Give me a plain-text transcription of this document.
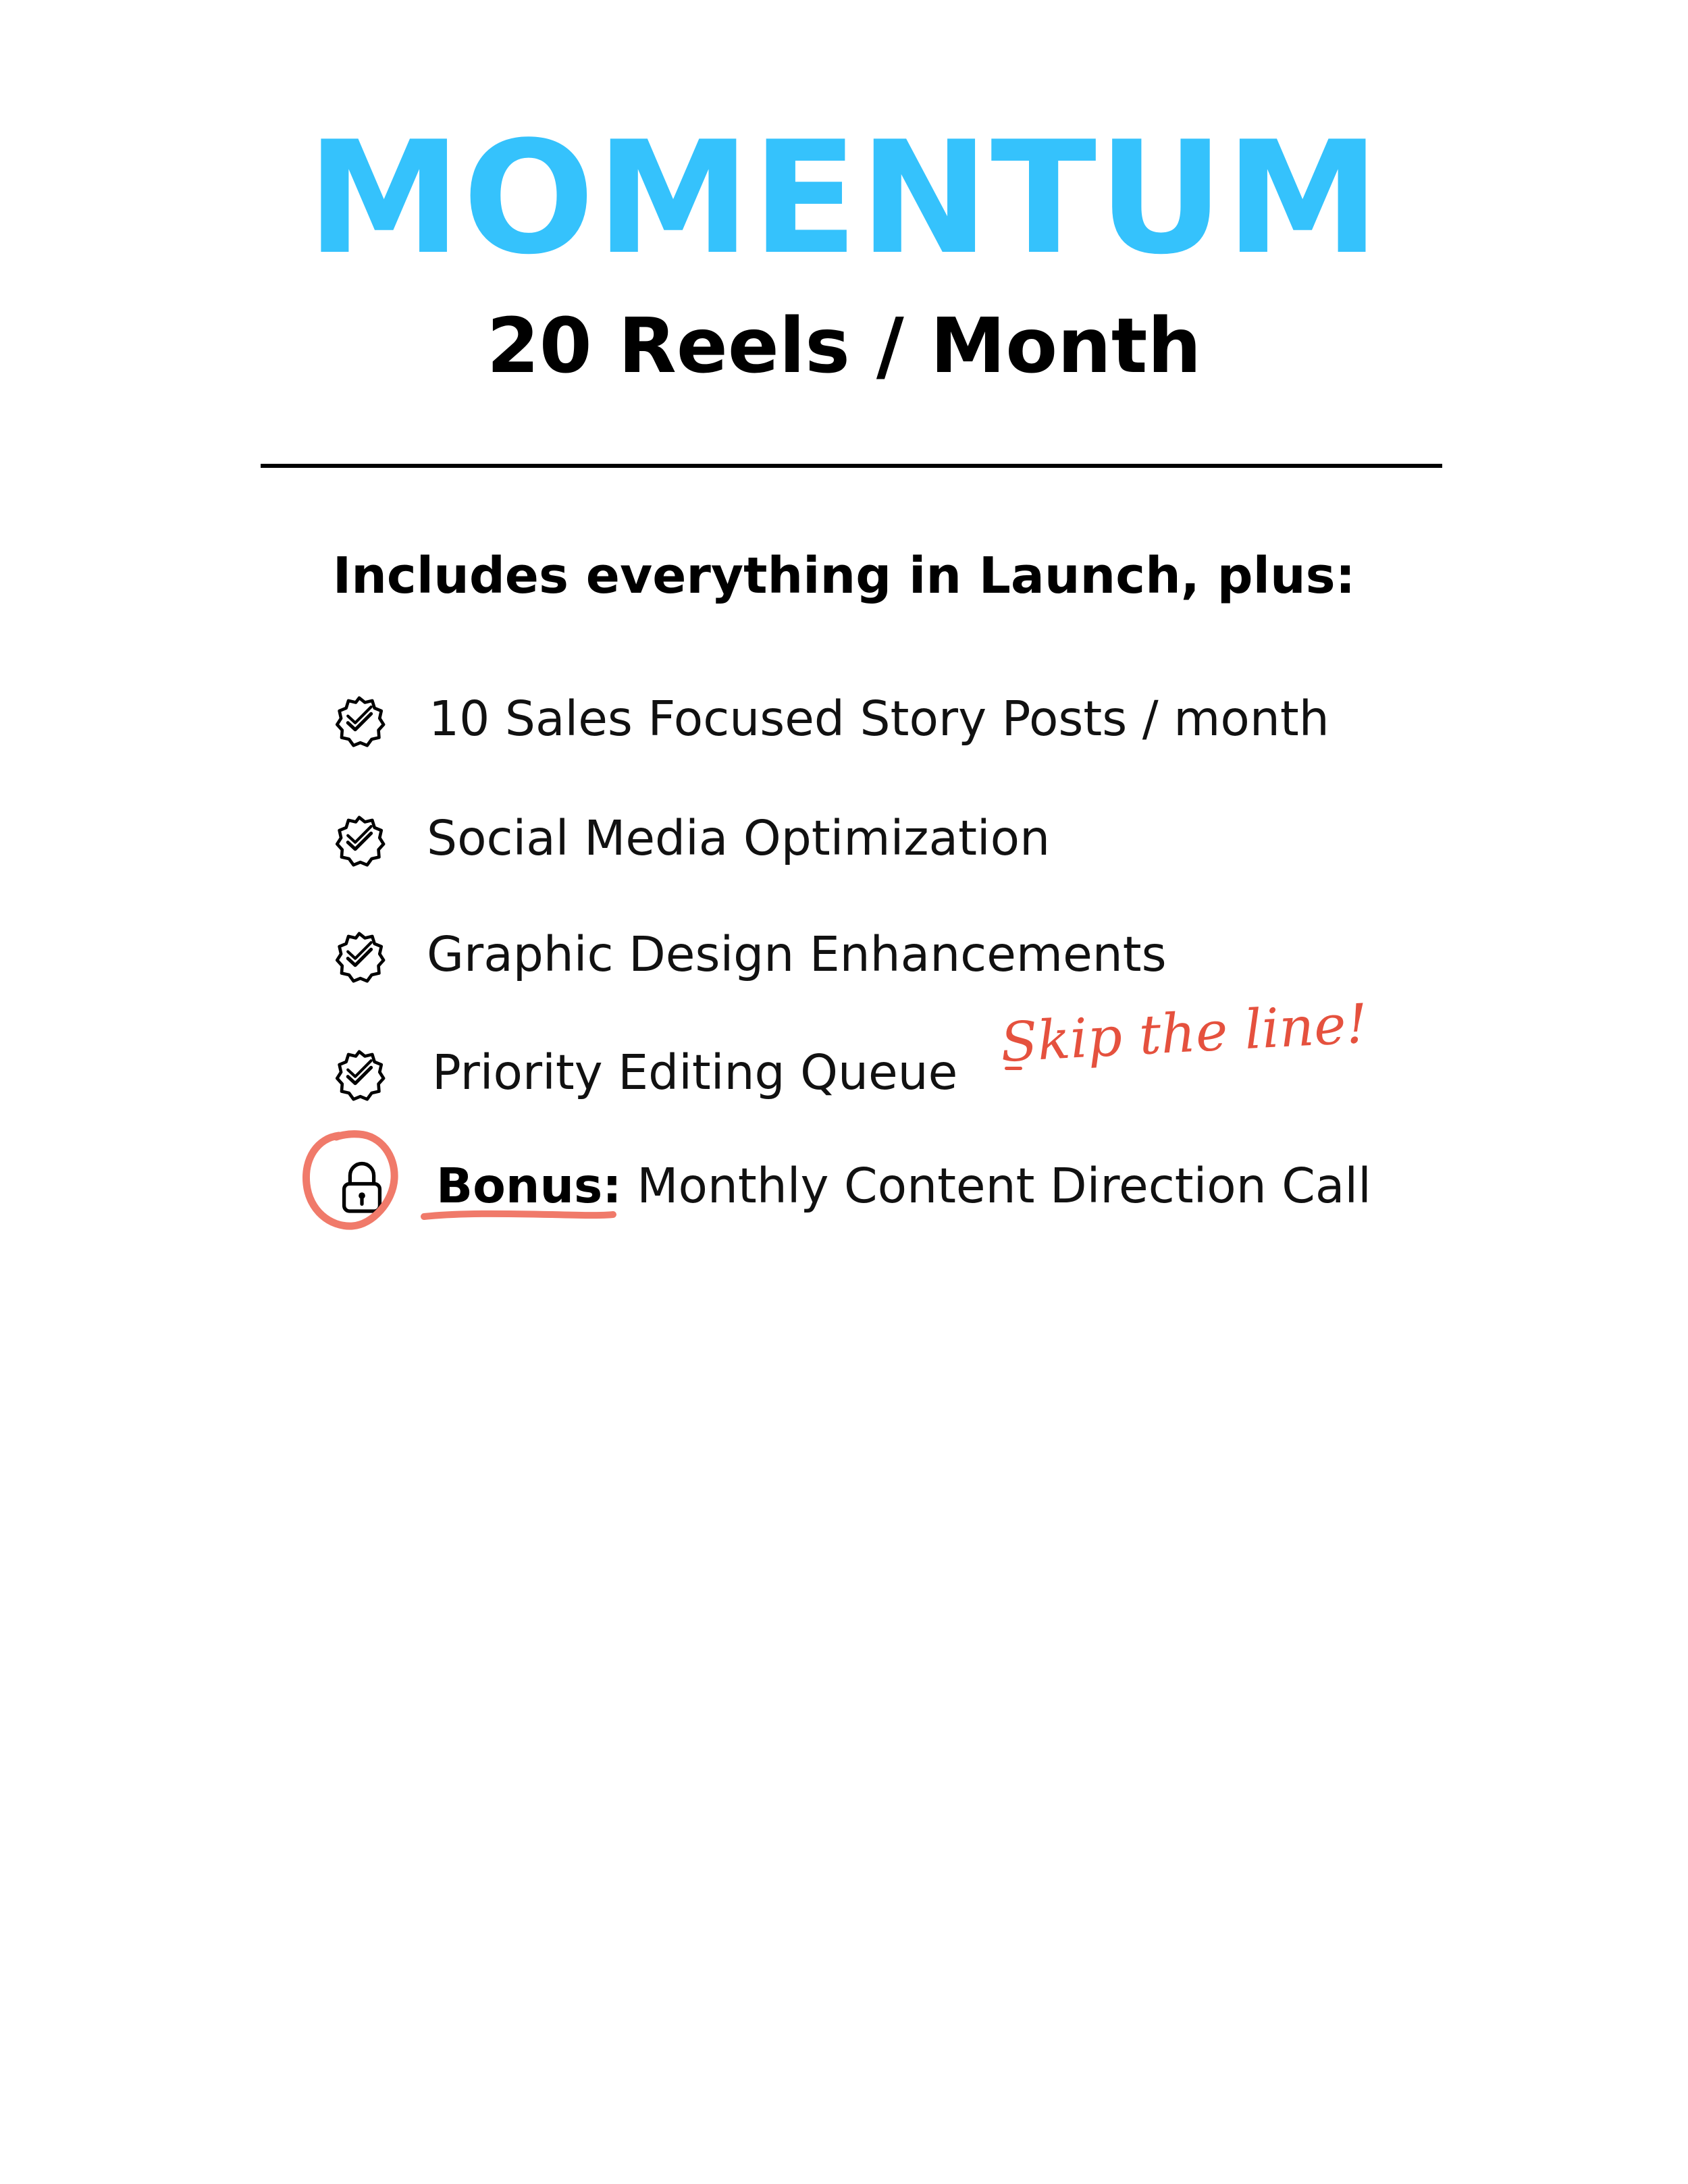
MOMENTUM
20 Reels / Month
Includes everything in Launch, plus:
10 Sales Focused Story Posts / month
Social Media Optimization
Graphic Design Enhancements
Priority Editing Queue Skip the line!
Bonus: Monthly Content Direction Call
